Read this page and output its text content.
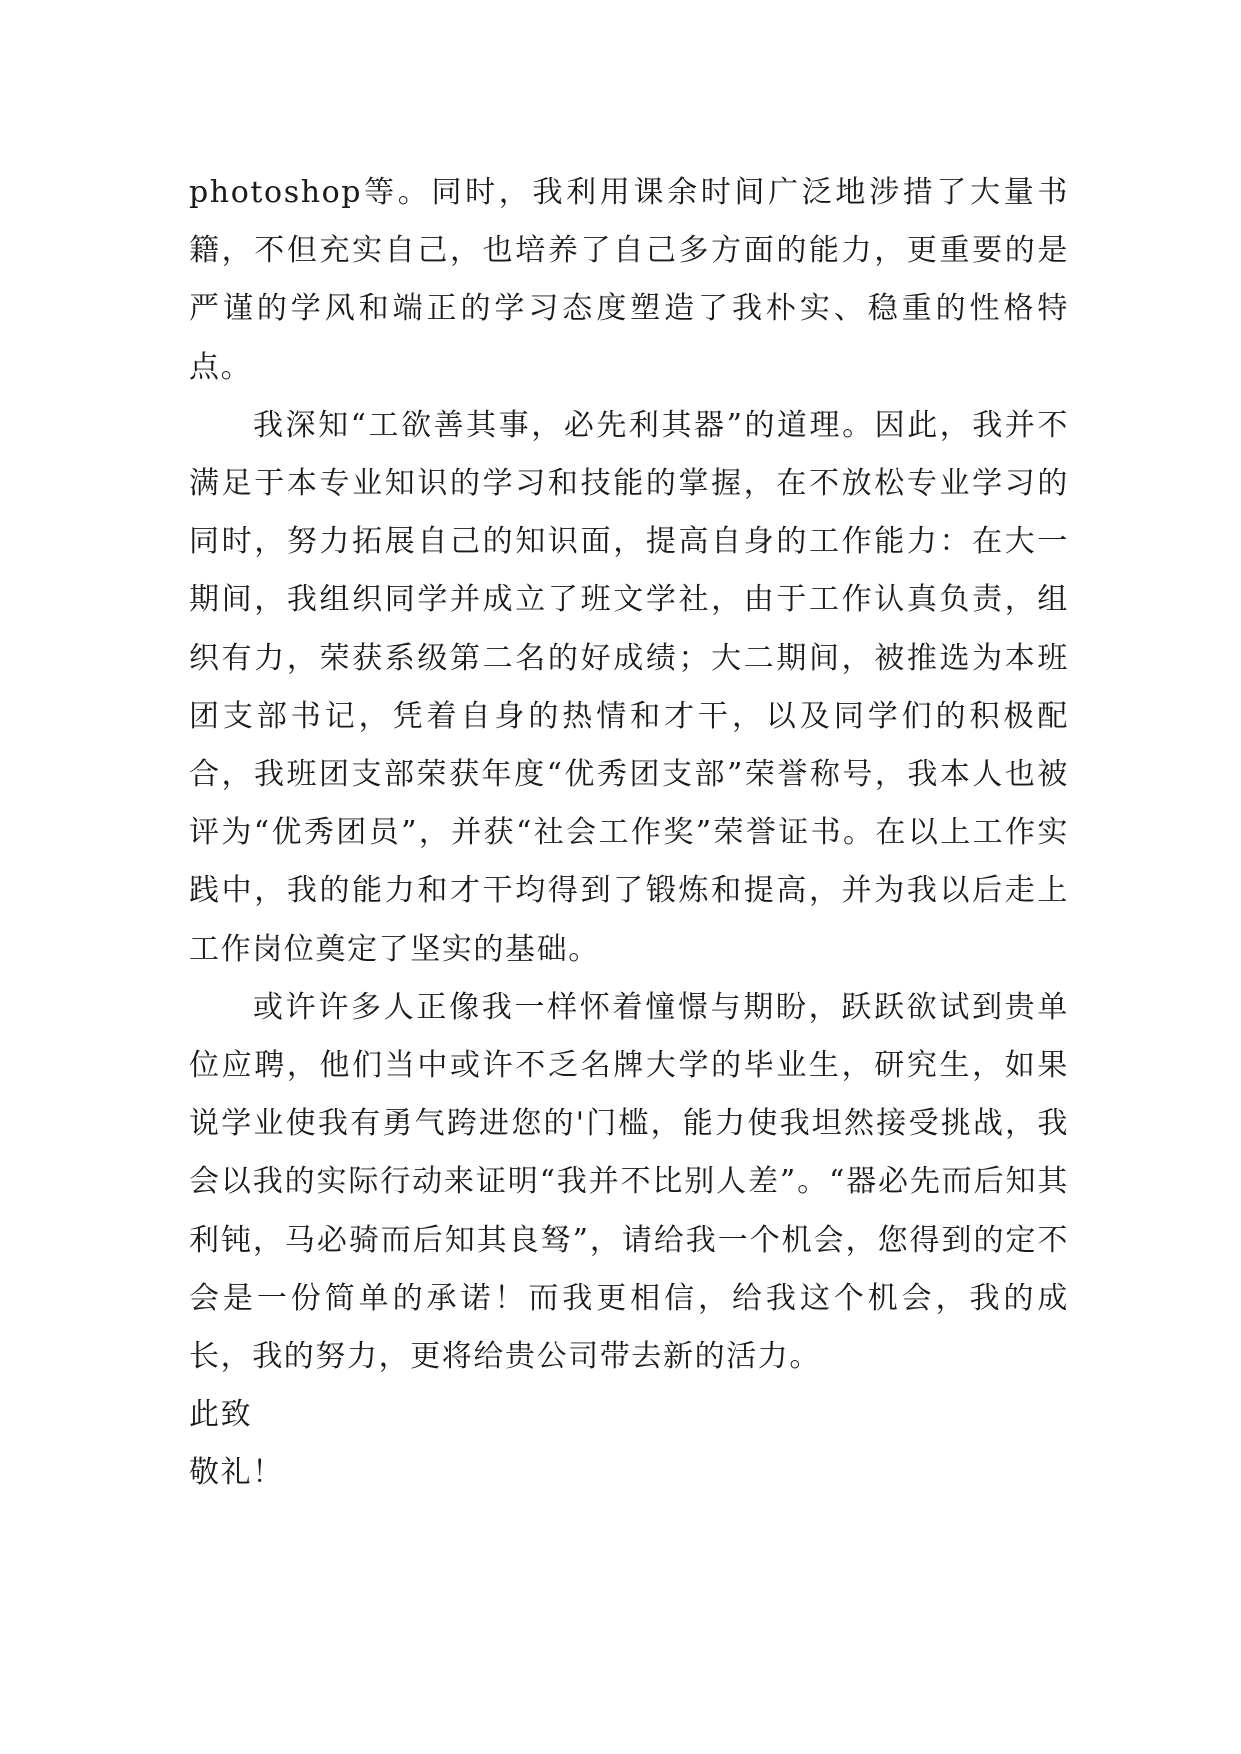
photoshop等。同时，我利用课余时间广泛地涉措了大量书籍，不但充实自己，也培养了自己多方面的能力，更重要的是严谨的学风和端正的学习态度塑造了我朴实、稳重的性格特点。

我深知“工欲善其事，必先利其器”的道理。因此，我并不满足于本专业知识的学习和技能的掌握，在不放松专业学习的同时，努力拓展自己的知识面，提高自身的工作能力：在大一期间，我组织同学并成立了班文学社，由于工作认真负责，组织有力，荣获系级第二名的好成绩；大二期间，被推选为本班团支部书记，凭着自身的热情和才干，以及同学们的积极配合，我班团支部荣获年度“优秀团支部”荣誉称号，我本人也被评为“优秀团员”，并获“社会工作奖”荣誉证书。在以上工作实践中，我的能力和才干均得到了锻炼和提高，并为我以后走上工作岗位奠定了坚实的基础。

或许许多人正像我一样怀着憧憬与期盼，跃跃欲试到贵单位应聘，他们当中或许不乏名牌大学的毕业生，研究生，如果说学业使我有勇气跨进您的'门槛，能力使我坦然接受挑战，我会以我的实际行动来证明“我并不比别人差”。“器必先而后知其利钝，马必骑而后知其良驽”，请给我一个机会，您得到的定不会是一份简单的承诺！而我更相信，给我这个机会，我的成长，我的努力，更将给贵公司带去新的活力。

此致

敬礼！
